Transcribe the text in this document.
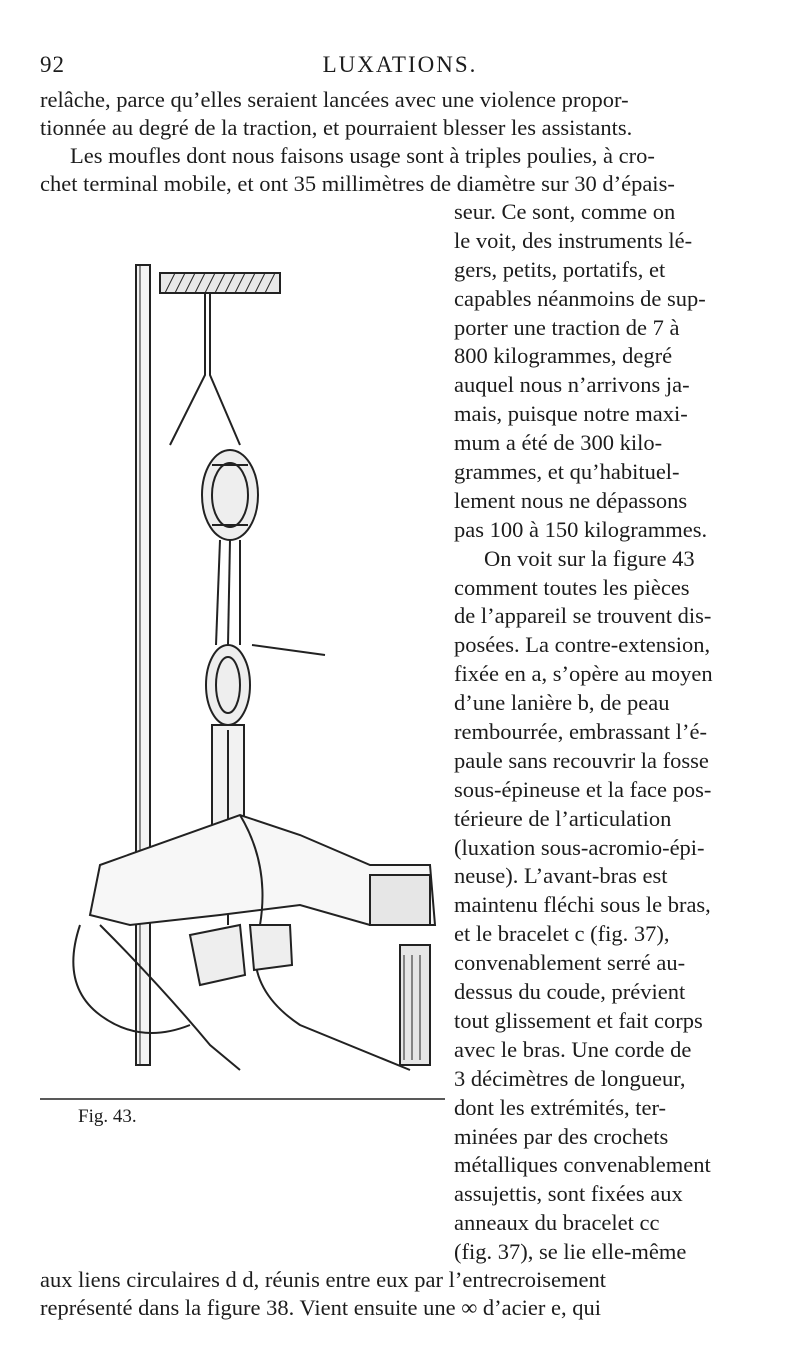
92	LUXATIONS.
relâche, parce qu’elles seraient lancées avec une violence propor-
tionnée au degré de la traction, et pourraient blesser les assistants.
Les moufles dont nous faisons usage sont à triples poulies, à cro-
chet terminal mobile, et ont 35 millimètres de diamètre sur 30 d’épais-
seur. Ce sont, comme on
le voit, des instruments lé-
gers, petits, portatifs, et
capables néanmoins de sup-
porter une traction de 7 à
800 kilogrammes, degré
auquel nous n’arrivons ja-
mais, puisque notre maxi-
mum a été de 300 kilo-
grammes, et qu’habituel-
lement nous ne dépassons
pas 100 à 150 kilogrammes.
On voit sur la figure 43
comment toutes les pièces
de l’appareil se trouvent dis-
posées. La contre-extension,
fixée en a, s’opère au moyen
d’une lanière b, de peau
rembourrée, embrassant l’é-
paule sans recouvrir la fosse
sous-épineuse et la face pos-
térieure de l’articulation
(luxation sous-acromio-épi-
neuse). L’avant-bras est
maintenu fléchi sous le bras,
et le bracelet c (fig. 37),
convenablement serré au-
dessus du coude, prévient
tout glissement et fait corps
avec le bras. Une corde de
3 décimètres de longueur,
dont les extrémités, ter-
minées par des crochets
métalliques convenablement
assujettis, sont fixées aux
anneaux du bracelet cc
(fig. 37), se lie elle-même
Fig. 43.
aux liens circulaires d d, réunis entre eux par l’entrecroisement
représenté dans la figure 38. Vient ensuite une ∞ d’acier e, qui
